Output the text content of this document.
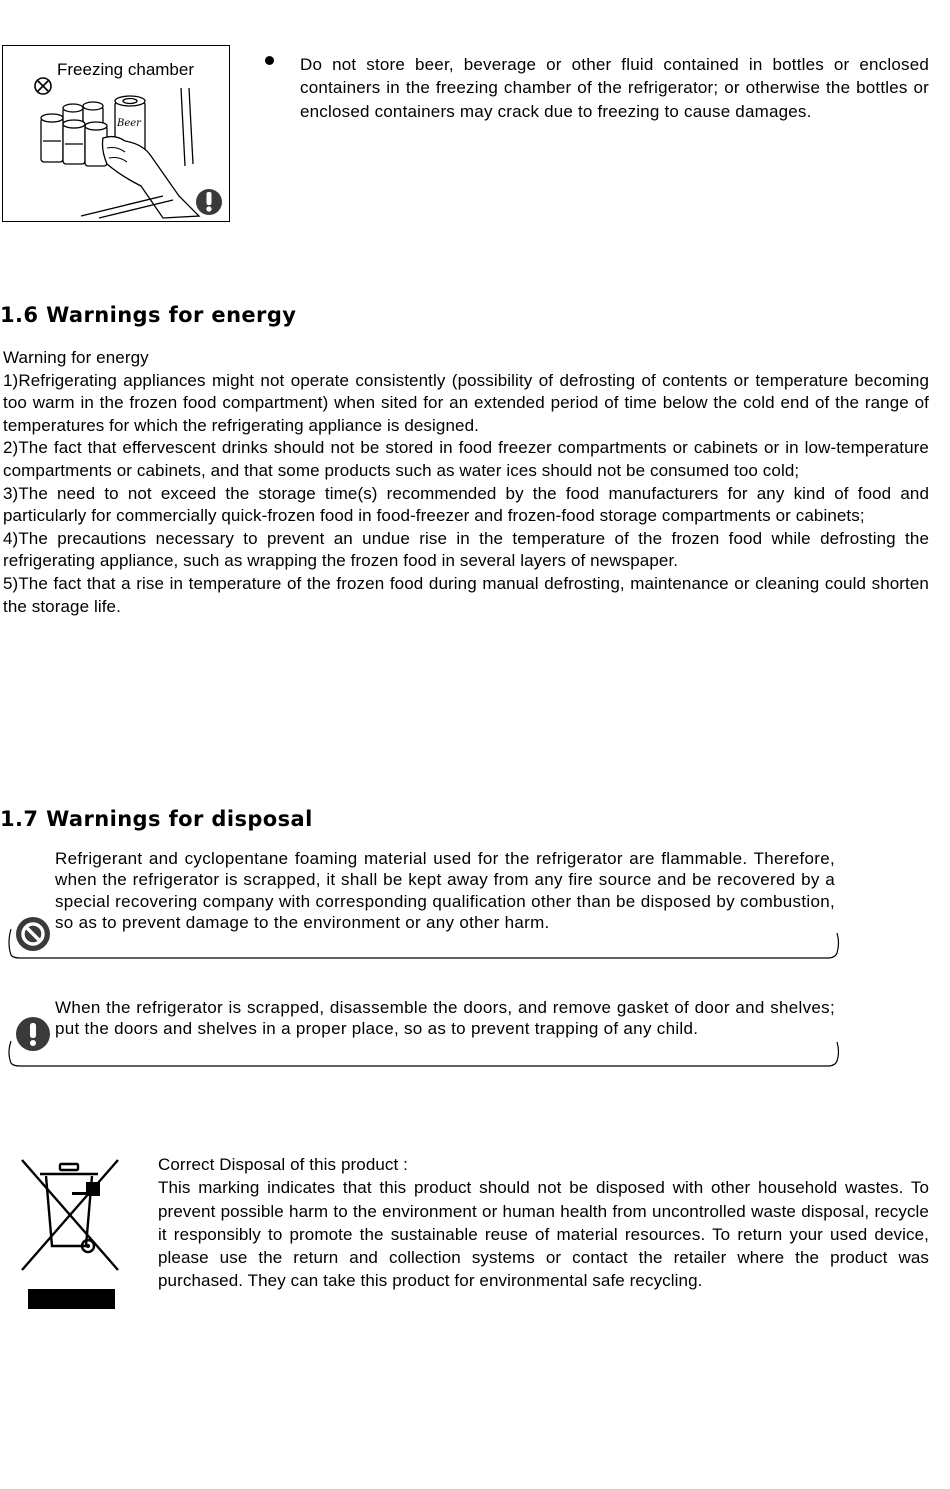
Beer
Freezing chamber	Do not store beer, beverage or other fluid contained in bottles or enclosed containers in the freezing chamber of the refrigerator; or otherwise the bottles or enclosed containers may crack due to freezing to cause damages.
1.6 Warnings for energy

Warning for energy

1)Refrigerating appliances might not operate consistently (possibility of defrosting of contents or temperature becoming too warm in the frozen food compartment) when sited for an extended period of time below the cold end of the range of temperatures for which the refrigerating appliance is designed.

2)The fact that effervescent drinks should not be stored in food freezer compartments or cabinets or in low-temperature compartments or cabinets, and that some products such as water ices should not be consumed too cold;

3)The need to not exceed the storage time(s) recommended by the food manufacturers for any kind of food and particularly for commercially quick-frozen food in food-freezer and frozen-food storage compartments or cabinets;

4)The precautions necessary to prevent an undue rise in the temperature of the frozen food while defrosting the refrigerating appliance, such as wrapping the frozen food in several layers of newspaper.

5)The fact that a rise in temperature of the frozen food during manual defrosting, maintenance or cleaning could shorten the storage life.

1.7 Warnings for disposal
Refrigerant and cyclopentane foaming material used for the refrigerator are flammable. Therefore, when the refrigerator is scrapped, it shall be kept away from any fire source and be recovered by a special recovering company with corresponding qualification other than be disposed by combustion, so as to prevent damage to the environment or any other harm.
When the refrigerator is scrapped, disassemble the doors, and remove gasket of door and shelves; put the doors and shelves in a proper place, so as to prevent trapping of any child.

Correct Disposal of this product :

This marking indicates that this product should not be disposed with other household wastes. To prevent possible harm to the environment or human health from uncontrolled waste disposal, recycle it responsibly to promote the sustainable reuse of material resources. To return your used device, please use the return and collection systems or contact the retailer where the product was purchased. They can take this product for environmental safe recycling.
